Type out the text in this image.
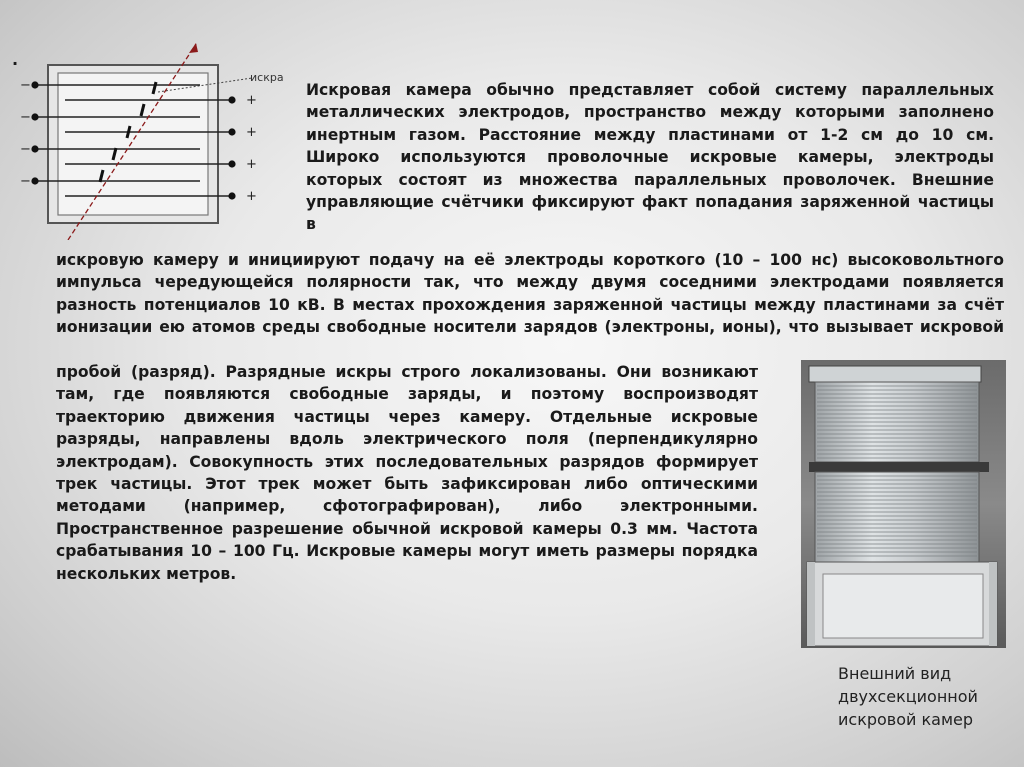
.
−
+
−
+
−
+
−
+
искра

Искровая камера обычно представляет собой систему параллельных металлических электродов, пространство между которыми заполнено инертным газом. Расстояние между пластинами от 1-2 см до 10 см. Широко используются проволочные искровые камеры, электроды которых состоят из множества параллельных проволочек. Внешние управляющие счётчики фиксируют факт попадания заряженной частицы в

искровую камеру и инициируют подачу на её электроды короткого (10 – 100 нс) высоковольтного импульса чередующейся полярности так, что между двумя соседними электродами появляется разность потенциалов 10 кВ. В местах прохождения заряженной частицы между пластинами за счёт ионизации ею атомов среды свободные носители зарядов (электроны, ионы), что вызывает искровой

пробой (разряд). Разрядные искры строго локализованы. Они возникают там, где появляются свободные заряды, и поэтому воспроизводят траекторию движения частицы через камеру. Отдельные искровые разряды, направлены вдоль электрического поля (перпендикулярно электродам). Совокупность этих последовательных разрядов формирует трек частицы. Этот трек может быть зафиксирован либо оптическими методами (например, сфотографирован), либо электронными. Пространственное разрешение обычной искровой камеры 0.3 мм. Частота срабатывания 10 – 100 Гц. Искровые камеры могут иметь размеры порядка нескольких метров.

Внешний вид
двухсекционной
искровой камер
